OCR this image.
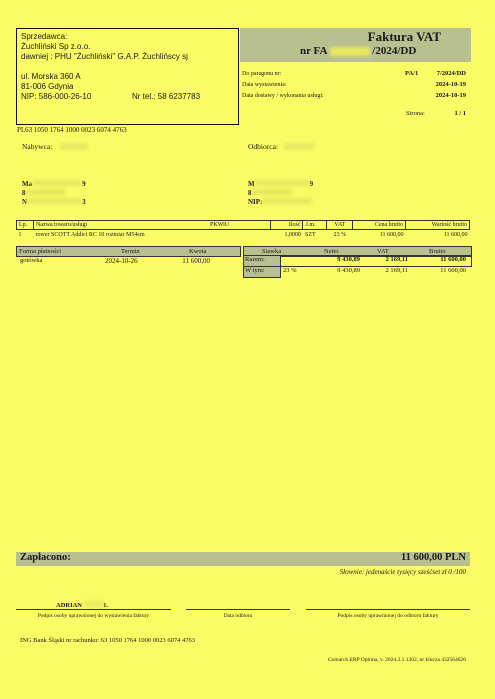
Sprzedawca:
Żuchliński Sp z.o.o.
dawniej : PHU "Żuchliński" G.A.P. Żuchlińscy sj
ul. Morska 360 A
81-006 Gdynia
NIP: 586-000-26-10	Nr tel.: 58 6237783
Faktura VAT
nr FA	/2024/DD
Do paragonu nr:	PA/1	7/2024/DD
Data wystawienia:	2024-10-19
Data dostawy / wykonania usługi:	2024-10-19
Strona:	1 / 1
PL63 1050 1764 1000 0023 6074 4763
Nabywca:
Ma	9
8
N	3
Odbiorca:
M	9
8
NIP:
Lp.	Nazwa towaru/usługi	PKWiU	Ilość	J.m.	VAT	Cena brutto	Wartość brutto
1	rower SCOTT Addict RC 10 rozmiar M54cm		1,0000	SZT	23 %	11 600,00	11 600,00
Forma płatności	Termin	Kwota
gotówka	2024-10-26	11 600,00
Stawka	Netto	VAT	Brutto
Razem:	9 430,89	2 169,11	11 600,00
W tym:	23 %	9 430,89	2 169,11	11 600,00
Zapłacono:	11 600,00 PLN
Słownie: jedenaście tysięcy sześćset zł 0 /100
ADRIAN	L
Podpis osoby uprawnionej do wystawienia faktury	Data odbioru	Podpis osoby uprawnionej do odbioru faktury
ING Bank Śląski nr rachunku: 63 1050 1764 1000 0023 6074 4763
Comarch ERP Optima, v. 2024.3.1.1302, nr klucza 432564626
